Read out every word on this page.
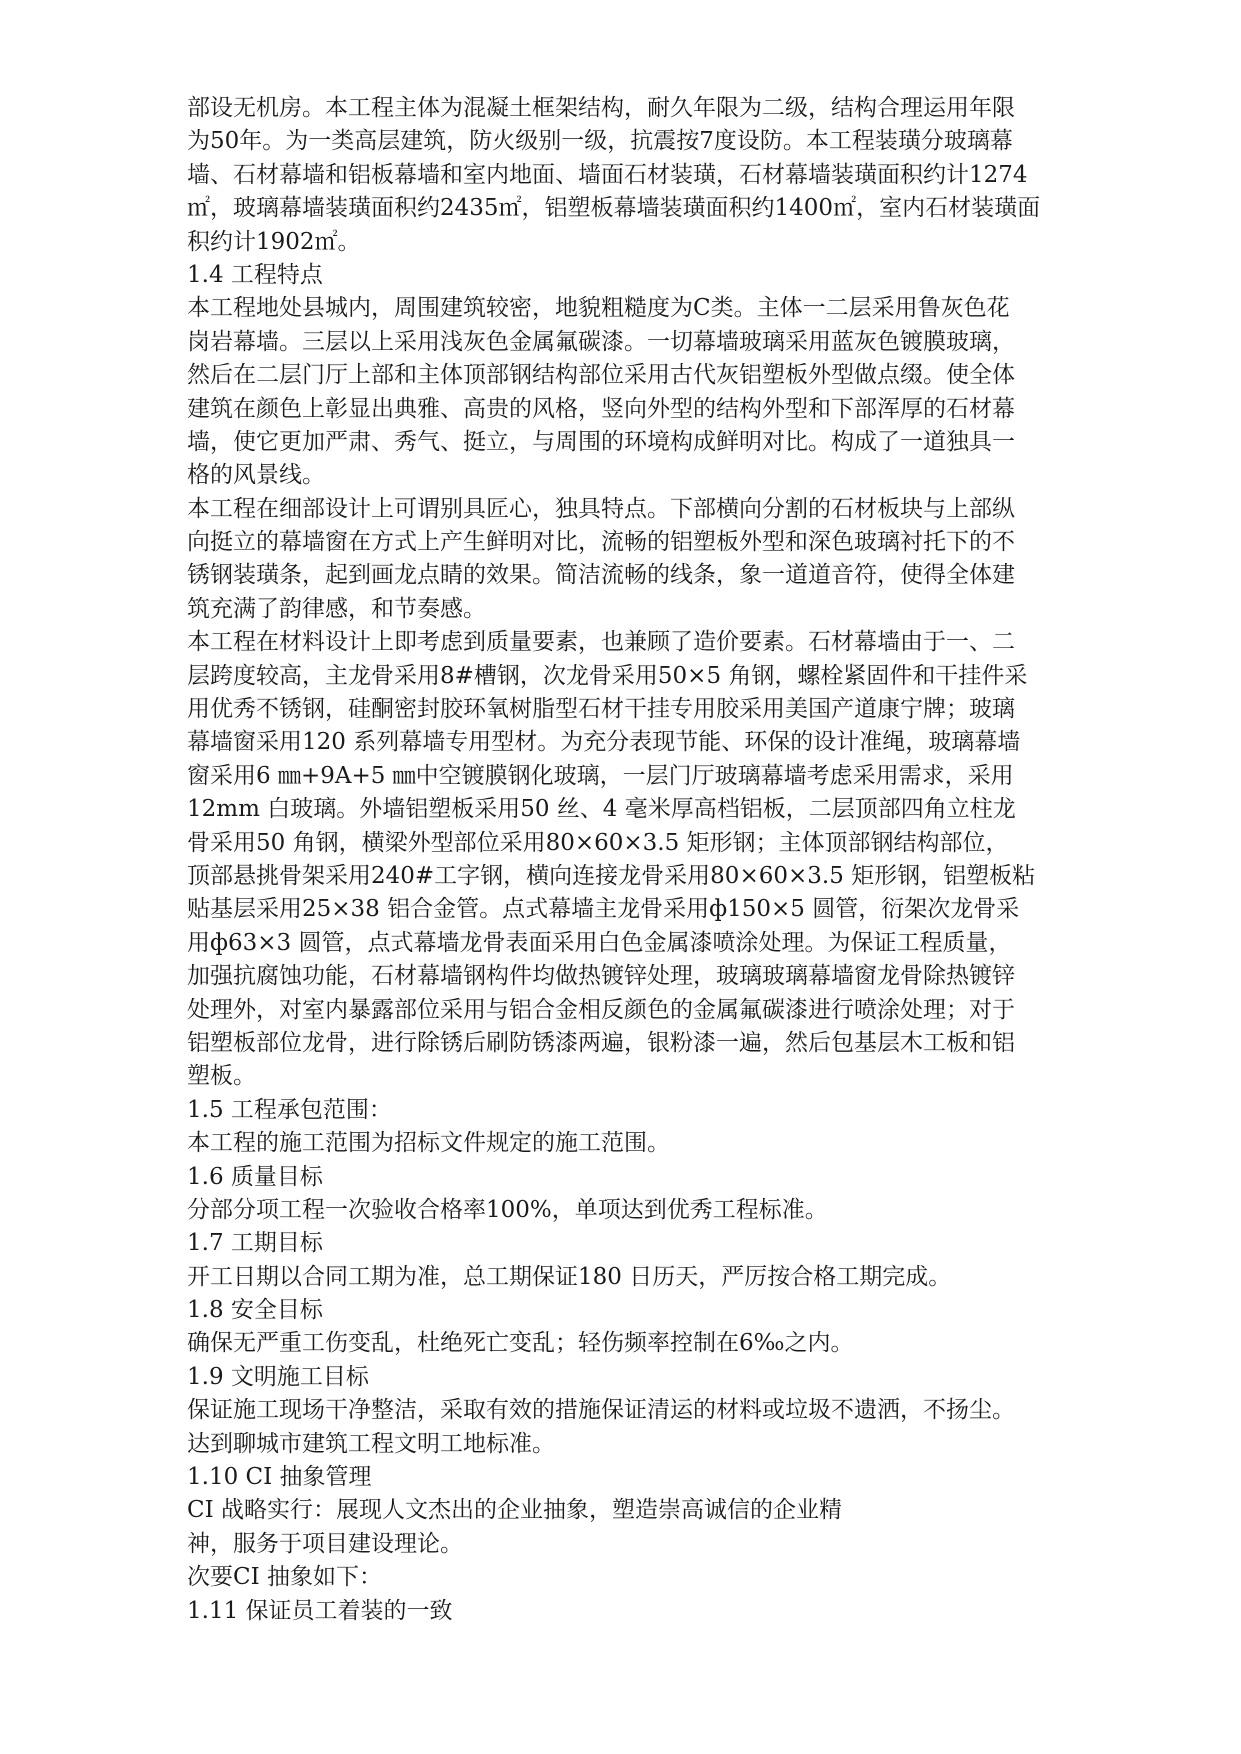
部设无机房。本工程主体为混凝土框架结构，耐久年限为二级，结构合理运用年限
为50年。为一类高层建筑，防火级别一级，抗震按7度设防。本工程装璜分玻璃幕
墙、石材幕墙和铝板幕墙和室内地面、墙面石材装璜，石材幕墙装璜面积约计1274
㎡，玻璃幕墙装璜面积约2435㎡，铝塑板幕墙装璜面积约1400㎡，室内石材装璜面
积约计1902㎡。
1.4 工程特点
本工程地处县城内，周围建筑较密，地貌粗糙度为C类。主体一二层采用鲁灰色花
岗岩幕墙。三层以上采用浅灰色金属氟碳漆。一切幕墙玻璃采用蓝灰色镀膜玻璃，
然后在二层门厅上部和主体顶部钢结构部位采用古代灰铝塑板外型做点缀。使全体
建筑在颜色上彰显出典雅、高贵的风格，竖向外型的结构外型和下部浑厚的石材幕
墙，使它更加严肃、秀气、挺立，与周围的环境构成鲜明对比。构成了一道独具一
格的风景线。
本工程在细部设计上可谓别具匠心，独具特点。下部横向分割的石材板块与上部纵
向挺立的幕墙窗在方式上产生鲜明对比，流畅的铝塑板外型和深色玻璃衬托下的不
锈钢装璜条，起到画龙点睛的效果。简洁流畅的线条，象一道道音符，使得全体建
筑充满了韵律感，和节奏感。
本工程在材料设计上即考虑到质量要素，也兼顾了造价要素。石材幕墙由于一、二
层跨度较高，主龙骨采用8#槽钢，次龙骨采用50×5 角钢，螺栓紧固件和干挂件采
用优秀不锈钢，硅酮密封胶环氧树脂型石材干挂专用胶采用美国产道康宁牌；玻璃
幕墙窗采用120 系列幕墙专用型材。为充分表现节能、环保的设计准绳，玻璃幕墙
窗采用6 ㎜+9A+5 ㎜中空镀膜钢化玻璃，一层门厅玻璃幕墙考虑采用需求，采用
12mm 白玻璃。外墙铝塑板采用50 丝、4 毫米厚高档铝板，二层顶部四角立柱龙
骨采用50 角钢，横梁外型部位采用80×60×3.5 矩形钢；主体顶部钢结构部位，
顶部悬挑骨架采用240#工字钢，横向连接龙骨采用80×60×3.5 矩形钢，铝塑板粘
贴基层采用25×38 铝合金管。点式幕墙主龙骨采用ф150×5 圆管，衍架次龙骨采
用ф63×3 圆管，点式幕墙龙骨表面采用白色金属漆喷涂处理。为保证工程质量，
加强抗腐蚀功能，石材幕墙钢构件均做热镀锌处理，玻璃玻璃幕墙窗龙骨除热镀锌
处理外，对室内暴露部位采用与铝合金相反颜色的金属氟碳漆进行喷涂处理；对于
铝塑板部位龙骨，进行除锈后刷防锈漆两遍，银粉漆一遍，然后包基层木工板和铝
塑板。
1.5 工程承包范围：
本工程的施工范围为招标文件规定的施工范围。
1.6 质量目标
分部分项工程一次验收合格率100%，单项达到优秀工程标准。
1.7 工期目标
开工日期以合同工期为准，总工期保证180 日历天，严厉按合格工期完成。
1.8 安全目标
确保无严重工伤变乱，杜绝死亡变乱；轻伤频率控制在6‰之内。
1.9 文明施工目标
保证施工现场干净整洁，采取有效的措施保证清运的材料或垃圾不遗洒，不扬尘。
达到聊城市建筑工程文明工地标准。
1.10 CI 抽象管理
CI 战略实行：展现人文杰出的企业抽象，塑造崇高诚信的企业精
神，服务于项目建设理论。
次要CI 抽象如下：
1.11 保证员工着装的一致
